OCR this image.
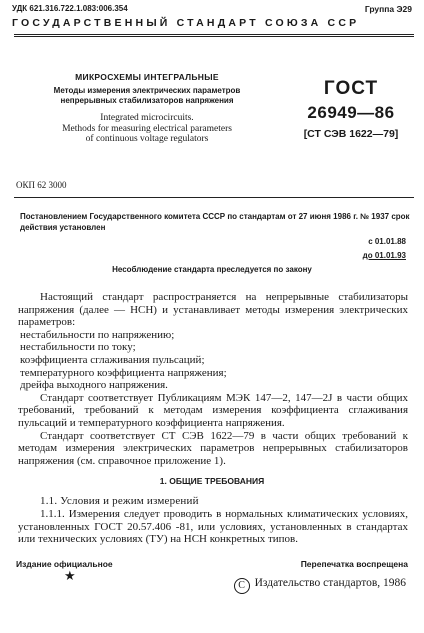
УДК 621.316.722.1.083:006.354	Группа Э29
ГОСУДАРСТВЕННЫЙ СТАНДАРТ СОЮЗА ССР
МИКРОСХЕМЫ ИНТЕГРАЛЬНЫЕ
Методы измерения электрических параметров
непрерывных стабилизаторов напряжения
Integrated microcircuits.
Methods for measuring electrical parameters
of continuous voltage regulators
ГОСТ
26949—86
[СТ СЭВ 1622—79]
ОКП 62 3000
Постановлением Государственного комитета СССР по стандартам от 27 июня 1986 г. № 1937 срок действия установлен
с 01.01.88
до 01.01.93
Несоблюдение стандарта преследуется по закону

Настоящий стандарт распространяется на непрерывные стабилизаторы напряжения (далее — НСН) и устанавливает методы измерения электрических параметров:

нестабильности по напряжению;

нестабильности по току;

коэффициента сглаживания пульсаций;

температурного коэффициента напряжения;

дрейфа выходного напряжения.

Стандарт соответствует Публикациям МЭК 147—2, 147—2J в части общих требований, требований к методам измерения коэффициента сглаживания пульсаций и температурного коэффициента напряжения.

Стандарт соответствует СТ СЭВ 1622—79 в части общих требований к методам измерения электрических параметров непрерывных стабилизаторов напряжения (см. справочное приложение 1).

1. ОБЩИЕ ТРЕБОВАНИЯ
1.1. Условия и режим измерений

1.1.1. Измерения следует проводить в нормальных климатических условиях, установленных ГОСТ 20.57.406 -81, или условиях, установленных в стандартах или технических условиях (ТУ) на НСН конкретных типов.

Издание официальное	Перепечатка воспрещена
★
C Издательство стандартов, 1986
